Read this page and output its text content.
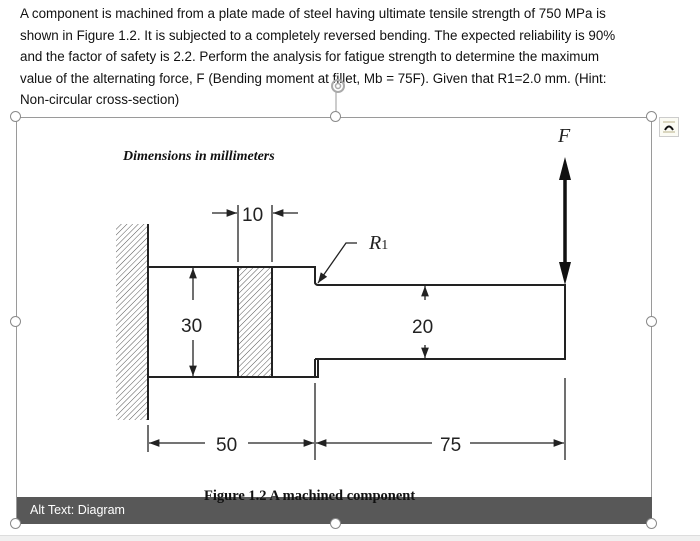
A component is machined from a plate made of steel having ultimate tensile strength of 750 MPa is
shown in Figure 1.2. It is subjected to a completely reversed bending. The expected reliability is 90%
and the factor of safety is 2.2. Perform the analysis for fatigue strength to determine the maximum
value of the alternating force, F (Bending moment at fillet, Mb = 75F). Given that R1=2.0 mm. (Hint:
Non-circular cross-section)
F
10
R1
30	20
50	75
Dimensions in millimeters
Alt Text: Diagram
Figure 1.2 A machined component
